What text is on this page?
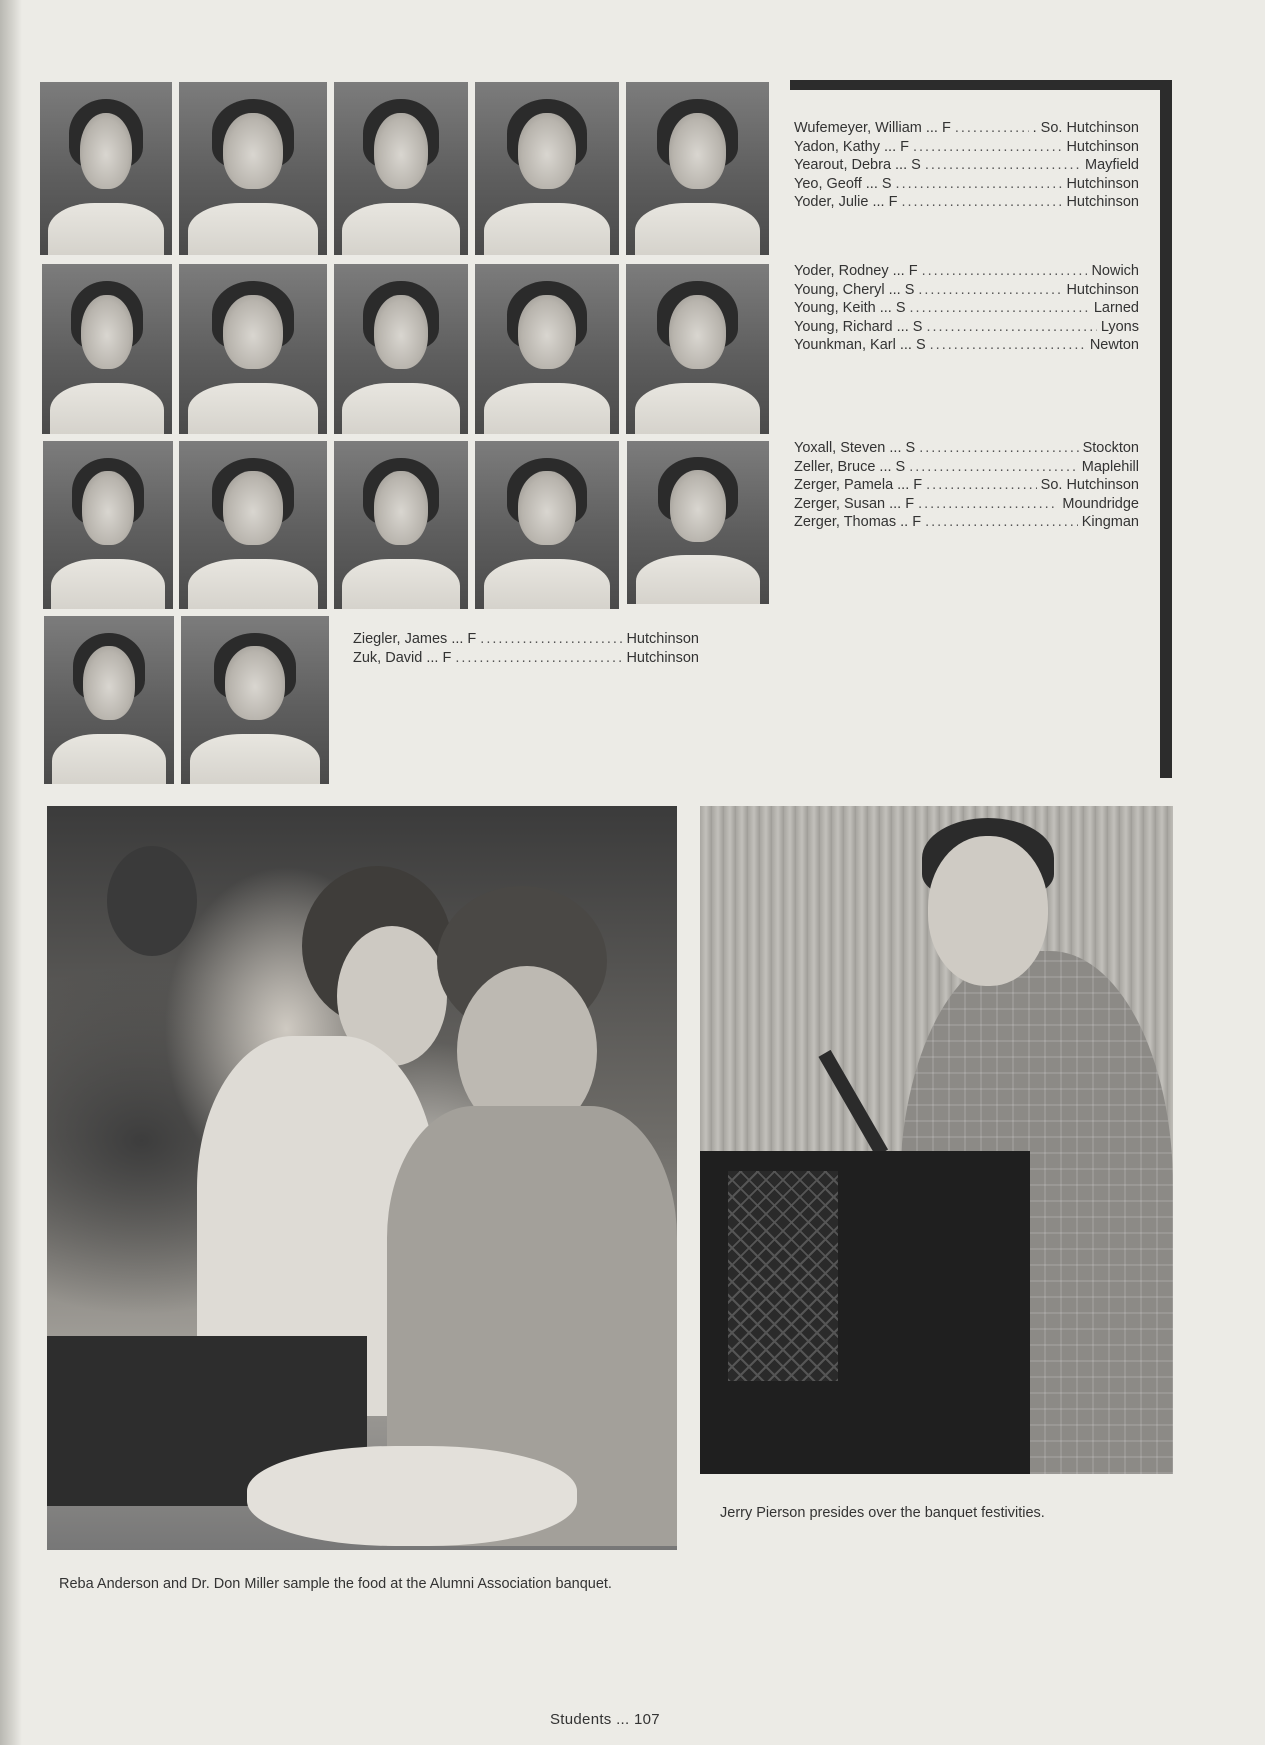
Wufemeyer, William ... F .....	. So. Hutchinson
Yadon, Kathy ... F .....	Hutchinson
Yearout, Debra ... S .....	Mayfield
Yeo, Geoff ... S .....	Hutchinson
Yoder, Julie ... F .....	Hutchinson
Yoder, Rodney ... F .....	Nowich
Young, Cheryl ... S .....	Hutchinson
Young, Keith ... S .....	Larned
Young, Richard ... S .....	Lyons
Younkman, Karl ... S .....	Newton
Yoxall, Steven ... S .....	Stockton
Zeller, Bruce ... S .....	Maplehill
Zerger, Pamela ... F .....	So. Hutchinson
Zerger, Susan ... F .....	Moundridge
Zerger, Thomas .. F .....	Kingman
Ziegler, James ... F .....	Hutchinson
Zuk, David ... F .....	Hutchinson
Jerry Pierson presides over the banquet festivities.
Reba Anderson and Dr. Don Miller sample the food at the Alumni Association banquet.
Students ... 107
